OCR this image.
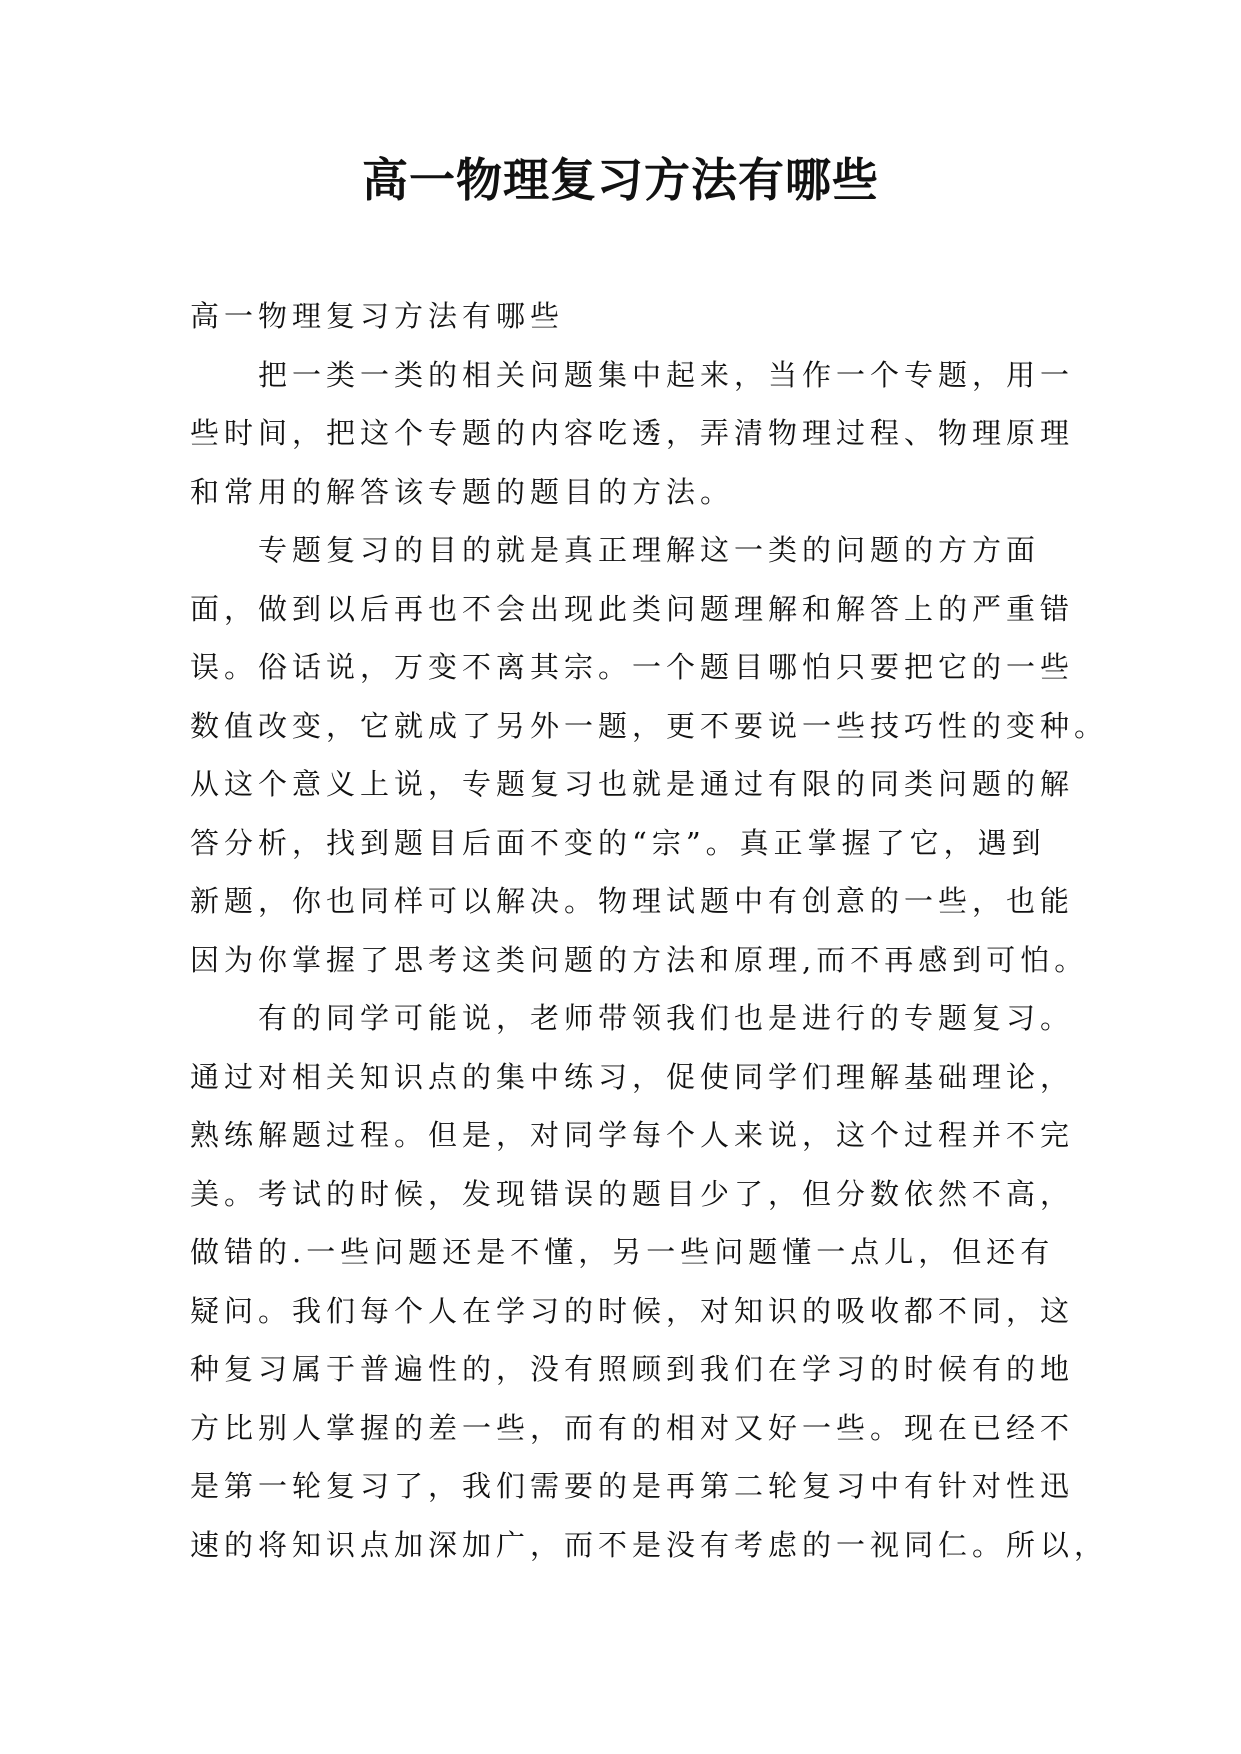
高一物理复习方法有哪些
高一物理复习方法有哪些
把一类一类的相关问题集中起来，当作一个专题，用一
些时间，把这个专题的内容吃透，弄清物理过程、物理原理
和常用的解答该专题的题目的方法。
专题复习的目的就是真正理解这一类的问题的方方面
面，做到以后再也不会出现此类问题理解和解答上的严重错
误。俗话说，万变不离其宗。一个题目哪怕只要把它的一些
数值改变，它就成了另外一题，更不要说一些技巧性的变种。
从这个意义上说，专题复习也就是通过有限的同类问题的解
答分析，找到题目后面不变的“宗”。真正掌握了它，遇到
新题，你也同样可以解决。物理试题中有创意的一些，也能
因为你掌握了思考这类问题的方法和原理,而不再感到可怕。
有的同学可能说，老师带领我们也是进行的专题复习。
通过对相关知识点的集中练习，促使同学们理解基础理论，
熟练解题过程。但是，对同学每个人来说，这个过程并不完
美。考试的时候，发现错误的题目少了，但分数依然不高，
做错的.一些问题还是不懂，另一些问题懂一点儿，但还有
疑问。我们每个人在学习的时候，对知识的吸收都不同，这
种复习属于普遍性的，没有照顾到我们在学习的时候有的地
方比别人掌握的差一些，而有的相对又好一些。现在已经不
是第一轮复习了，我们需要的是再第二轮复习中有针对性迅
速的将知识点加深加广，而不是没有考虑的一视同仁。所以，
